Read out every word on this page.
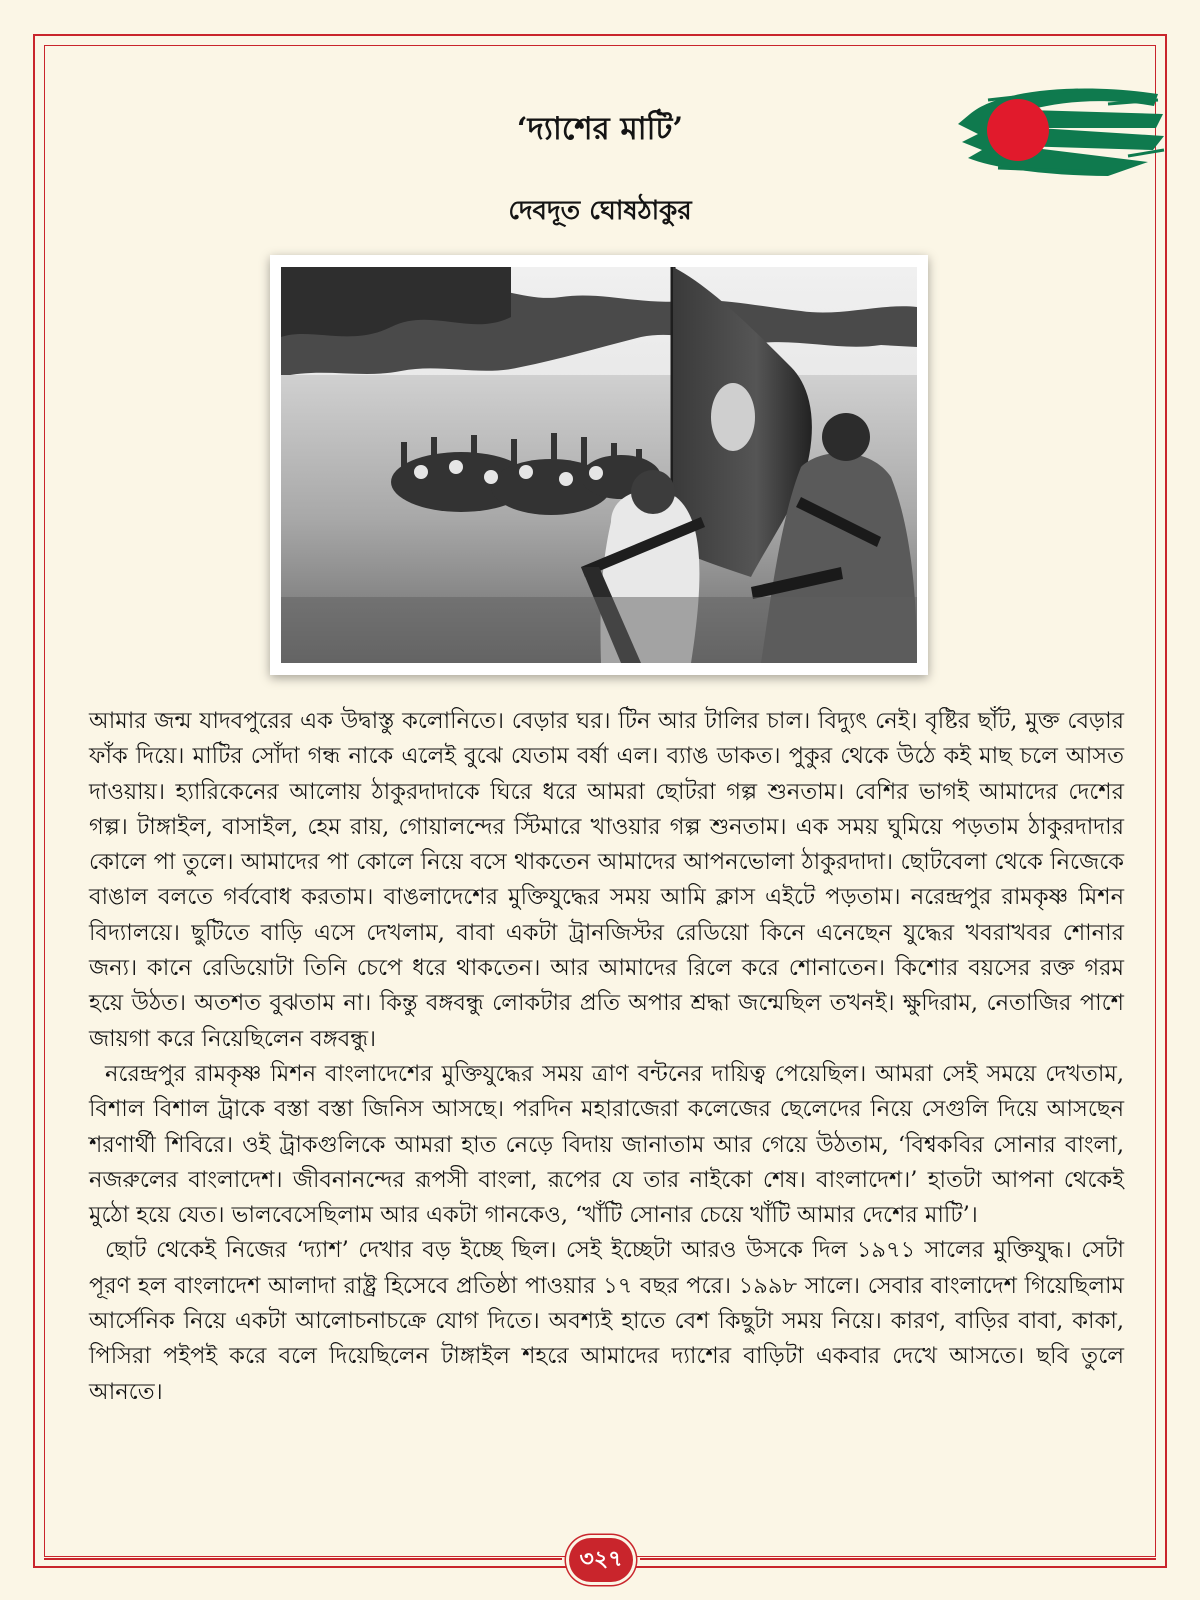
‘দ্যাশের মাটি’
দেবদূত ঘোষঠাকুর

আমার জন্ম যাদবপুরের এক উদ্বাস্তু কলোনিতে। বেড়ার ঘর। টিন আর টালির চাল। বিদ্যুৎ নেই। বৃষ্টির ছাঁট, মুক্ত বেড়ার ফাঁক দিয়ে। মাটির সোঁদা গন্ধ নাকে এলেই বুঝে যেতাম বর্ষা এল। ব্যাঙ ডাকত। পুকুর থেকে উঠে কই মাছ চলে আসত দাওয়ায়। হ্যারিকেনের আলোয় ঠাকুরদাদাকে ঘিরে ধরে আমরা ছোটরা গল্প শুনতাম। বেশির ভাগই আমাদের দেশের গল্প। টাঙ্গাইল, বাসাইল, হেম রায়, গোয়ালন্দের স্টিমারে খাওয়ার গল্প শুনতাম। এক সময় ঘুমিয়ে পড়তাম ঠাকুরদাদার কোলে পা তুলে। আমাদের পা কোলে নিয়ে বসে থাকতেন আমাদের আপনভোলা ঠাকুরদাদা। ছোটবেলা থেকে নিজেকে বাঙাল বলতে গর্ববোধ করতাম। বাঙলাদেশের মুক্তিযুদ্ধের সময় আমি ক্লাস এইটে পড়তাম। নরেন্দ্রপুর রামকৃষ্ণ মিশন বিদ্যালয়ে। ছুটিতে বাড়ি এসে দেখলাম, বাবা একটা ট্রানজিস্টর রেডিয়ো কিনে এনেছেন যুদ্ধের খবরাখবর শোনার জন্য। কানে রেডিয়োটা তিনি চেপে ধরে থাকতেন। আর আমাদের রিলে করে শোনাতেন। কিশোর বয়সের রক্ত গরম হয়ে উঠত। অতশত বুঝতাম না। কিন্তু বঙ্গবন্ধু লোকটার প্রতি অপার শ্রদ্ধা জন্মেছিল তখনই। ক্ষুদিরাম, নেতাজির পাশে জায়গা করে নিয়েছিলেন বঙ্গবন্ধু।

নরেন্দ্রপুর রামকৃষ্ণ মিশন বাংলাদেশের মুক্তিযুদ্ধের সময় ত্রাণ বন্টনের দায়িত্ব পেয়েছিল। আমরা সেই সময়ে দেখতাম, বিশাল বিশাল ট্রাকে বস্তা বস্তা জিনিস আসছে। পরদিন মহারাজেরা কলেজের ছেলেদের নিয়ে সেগুলি দিয়ে আসছেন শরণার্থী শিবিরে। ওই ট্রাকগুলিকে আমরা হাত নেড়ে বিদায় জানাতাম আর গেয়ে উঠতাম, ‘বিশ্বকবির সোনার বাংলা, নজরুলের বাংলাদেশ। জীবনানন্দের রূপসী বাংলা, রূপের যে তার নাইকো শেষ। বাংলাদেশ।’ হাতটা আপনা থেকেই মুঠো হয়ে যেত। ভালবেসেছিলাম আর একটা গানকেও, ‘খাঁটি সোনার চেয়ে খাঁটি আমার দেশের মাটি’।

ছোট থেকেই নিজের ‘দ্যাশ’ দেখার বড় ইচ্ছে ছিল। সেই ইচ্ছেটা আরও উসকে দিল ১৯৭১ সালের মুক্তিযুদ্ধ। সেটা পূরণ হল বাংলাদেশ আলাদা রাষ্ট্র হিসেবে প্রতিষ্ঠা পাওয়ার ১৭ বছর পরে। ১৯৯৮ সালে। সেবার বাংলাদেশ গিয়েছিলাম আর্সেনিক নিয়ে একটা আলোচনাচক্রে যোগ দিতে। অবশ্যই হাতে বেশ কিছুটা সময় নিয়ে। কারণ, বাড়ির বাবা, কাকা, পিসিরা পইপই করে বলে দিয়েছিলেন টাঙ্গাইল শহরে আমাদের দ্যাশের বাড়িটা একবার দেখে আসতে। ছবি তুলে আনতে।

৩২৭
